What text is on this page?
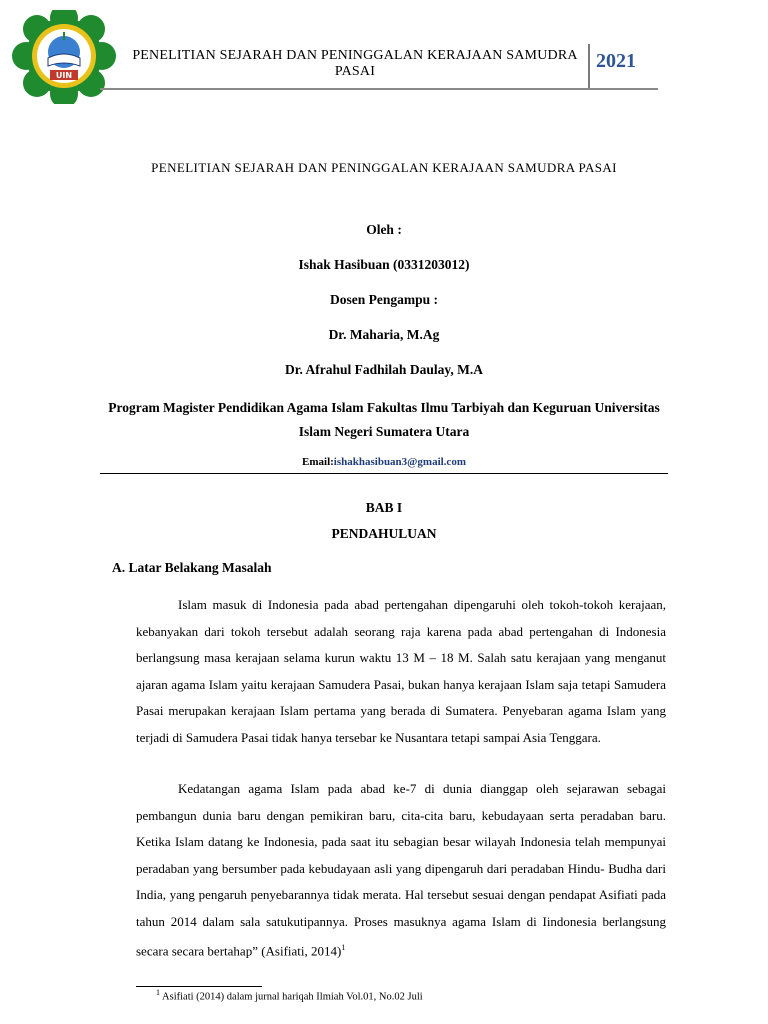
UIN
PENELITIAN SEJARAH DAN PENINGGALAN KERAJAAN SAMUDRA PASAI	2021
PENELITIAN SEJARAH DAN PENINGGALAN KERAJAAN SAMUDRA PASAI
Oleh :
Ishak Hasibuan (0331203012)
Dosen Pengampu :
Dr. Maharia, M.Ag
Dr. Afrahul Fadhilah Daulay, M.A
Program Magister Pendidikan Agama Islam Fakultas Ilmu Tarbiyah dan Keguruan Universitas Islam Negeri Sumatera Utara
Email:ishakhasibuan3@gmail.com
BAB I
PENDAHULUAN
A. Latar Belakang Masalah
Islam masuk di Indonesia pada abad pertengahan dipengaruhi oleh tokoh-tokoh kerajaan, kebanyakan dari tokoh tersebut adalah seorang raja karena pada abad pertengahan di Indonesia berlangsung masa kerajaan selama kurun waktu 13 M – 18 M. Salah satu kerajaan yang menganut ajaran agama Islam yaitu kerajaan Samudera Pasai, bukan hanya kerajaan Islam saja tetapi Samudera Pasai merupakan kerajaan Islam pertama yang berada di Sumatera. Penyebaran agama Islam yang terjadi di Samudera Pasai tidak hanya tersebar ke Nusantara tetapi sampai Asia Tenggara.
Kedatangan agama Islam pada abad ke-7 di dunia dianggap oleh sejarawan sebagai pembangun dunia baru dengan pemikiran baru, cita-cita baru, kebudayaan serta peradaban baru. Ketika Islam datang ke Indonesia, pada saat itu sebagian besar wilayah Indonesia telah mempunyai peradaban yang bersumber pada kebudayaan asli yang dipengaruh dari peradaban Hindu- Budha dari India, yang pengaruh penyebarannya tidak merata. Hal tersebut sesuai dengan pendapat Asifiati pada tahun 2014 dalam sala satukutipannya. Proses masuknya agama Islam di Iindonesia berlangsung secara secara bertahap” (Asifiati, 2014)$^1$
$^1$ Asifiati (2014) dalam jurnal hariqah Ilmiah Vol.01, No.02 Juli
